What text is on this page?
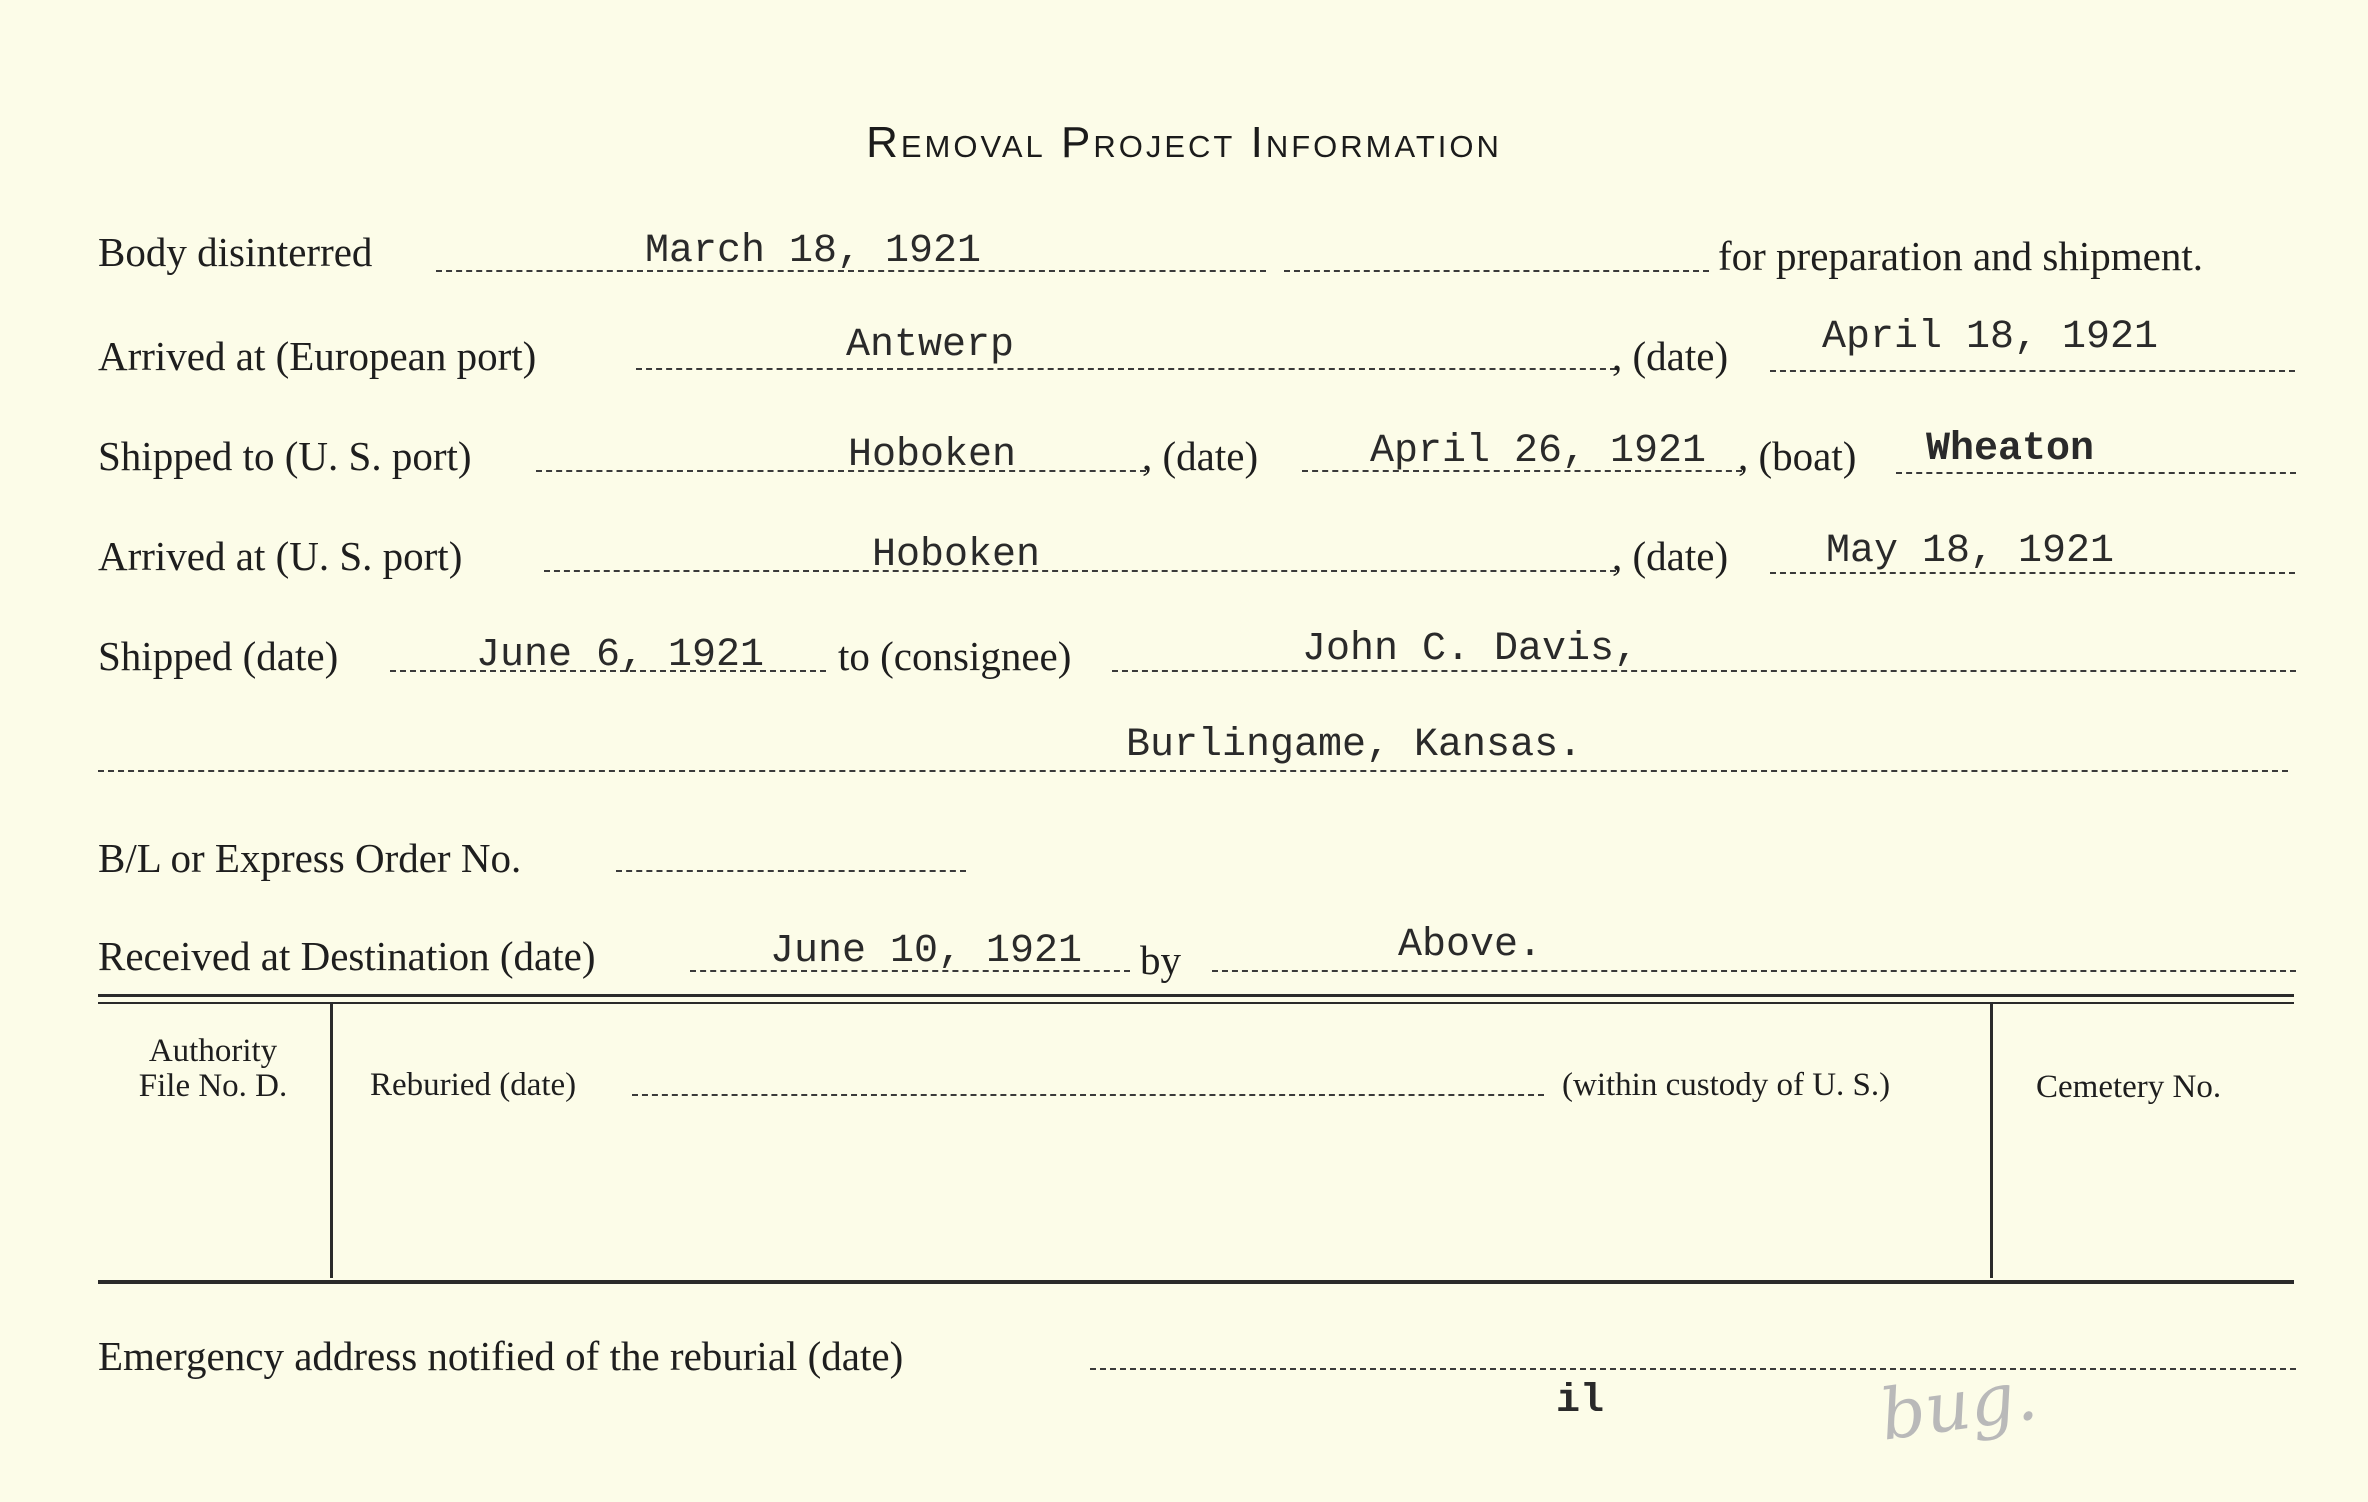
Removal Project Information
Body disinterred	March 18, 1921	for preparation and shipment.
Arrived at (European port)	Antwerp	, (date) April 18, 1921
Shipped to (U. S. port)	Hoboken	, (date)	April 26, 1921 , (boat) Wheaton
Arrived at (U. S. port)	Hoboken	, (date) May 18, 1921
Shipped (date)	June 6, 1921 to (consignee)	John C. Davis,
Burlingame, Kansas.
B/L or Express Order No.
Received at Destination (date)	June 10, 1921 by	Above.
Authority
File No. D.	Reburied (date)	(within custody of U. S.)	Cemetery No.
Emergency address notified of the reburial (date)
il	bug.
